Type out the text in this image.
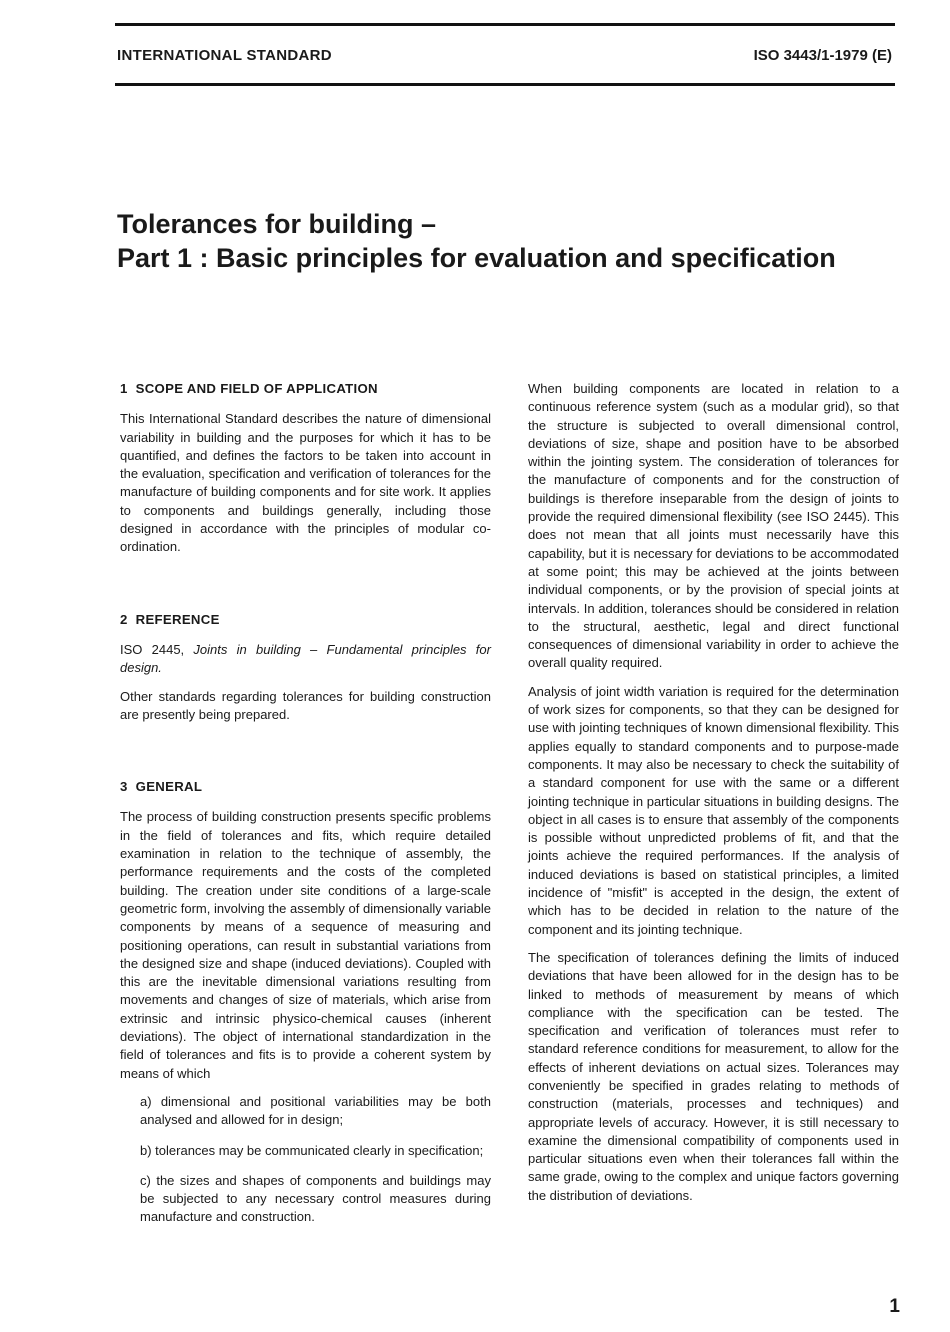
INTERNATIONAL STANDARD	ISO 3443/1-1979 (E)
Tolerances for building –
Part 1 : Basic principles for evaluation and specification
1 SCOPE AND FIELD OF APPLICATION

This International Standard describes the nature of dimensional variability in building and the purposes for which it has to be quantified, and defines the factors to be taken into account in the evaluation, specification and verification of tolerances for the manufacture of building components and for site work. It applies to components and buildings generally, including those designed in accordance with the principles of modular co-ordination.

2 REFERENCE

ISO 2445, Joints in building – Fundamental principles for design.

Other standards regarding tolerances for building construction are presently being prepared.

3 GENERAL

The process of building construction presents specific problems in the field of tolerances and fits, which require detailed examination in relation to the technique of assembly, the performance requirements and the costs of the completed building. The creation under site conditions of a large-scale geometric form, involving the assembly of dimensionally variable components by means of a sequence of measuring and positioning operations, can result in substantial variations from the designed size and shape (induced deviations). Coupled with this are the inevitable dimensional variations resulting from movements and changes of size of materials, which arise from extrinsic and intrinsic physico-chemical causes (inherent deviations). The object of international standardization in the field of tolerances and fits is to provide a coherent system by means of which

a) dimensional and positional variabilities may be both analysed and allowed for in design;

b) tolerances may be communicated clearly in specification;

c) the sizes and shapes of components and buildings may be subjected to any necessary control measures during manufacture and construction.

When building components are located in relation to a continuous reference system (such as a modular grid), so that the structure is subjected to overall dimensional control, deviations of size, shape and position have to be absorbed within the jointing system. The consideration of tolerances for the manufacture of components and for the construction of buildings is therefore inseparable from the design of joints to provide the required dimensional flexibility (see ISO 2445). This does not mean that all joints must necessarily have this capability, but it is necessary for deviations to be accommodated at some point; this may be achieved at the joints between individual components, or by the provision of special joints at intervals. In addition, tolerances should be considered in relation to the structural, aesthetic, legal and direct functional consequences of dimensional variability in order to achieve the overall quality required.

Analysis of joint width variation is required for the determination of work sizes for components, so that they can be designed for use with jointing techniques of known dimensional flexibility. This applies equally to standard components and to purpose-made components. It may also be necessary to check the suitability of a standard component for use with the same or a different jointing technique in particular situations in building designs. The object in all cases is to ensure that assembly of the components is possible without unpredicted problems of fit, and that the joints achieve the required performances. If the analysis of induced deviations is based on statistical principles, a limited incidence of "misfit" is accepted in the design, the extent of which has to be decided in relation to the nature of the component and its jointing technique.

The specification of tolerances defining the limits of induced deviations that have been allowed for in the design has to be linked to methods of measurement by means of which compliance with the specification can be tested. The specification and verification of tolerances must refer to standard reference conditions for measurement, to allow for the effects of inherent deviations on actual sizes. Tolerances may conveniently be specified in grades relating to methods of construction (materials, processes and techniques) and appropriate levels of accuracy. However, it is still necessary to examine the dimensional compatibility of components used in particular situations even when their tolerances fall within the same grade, owing to the complex and unique factors governing the distribution of deviations.

1
